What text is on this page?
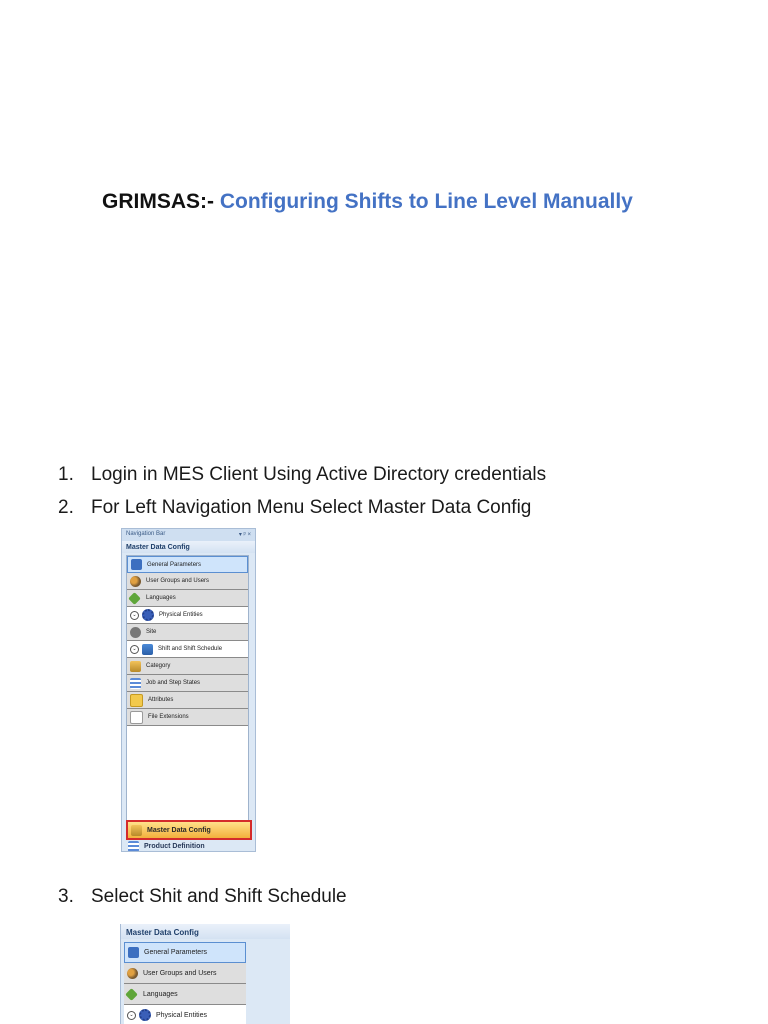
GRIMSAS:- Configuring Shifts to Line Level Manually
1. Login in MES Client Using Active Directory credentials
2. For Left Navigation Menu Select Master Data Config
Navigation Bar	▾ ᵖ ×
Master Data Config
General Parameters
User Groups and Users
Languages
⌄	Physical Entities
Site
⌄	Shift and Shift Schedule
Category
Job and Step States
Attributes
File Extensions
Master Data Config
Product Definition
3. Select Shit and Shift Schedule
Master Data Config
General Parameters
User Groups and Users
Languages
⌄	Physical Entities
